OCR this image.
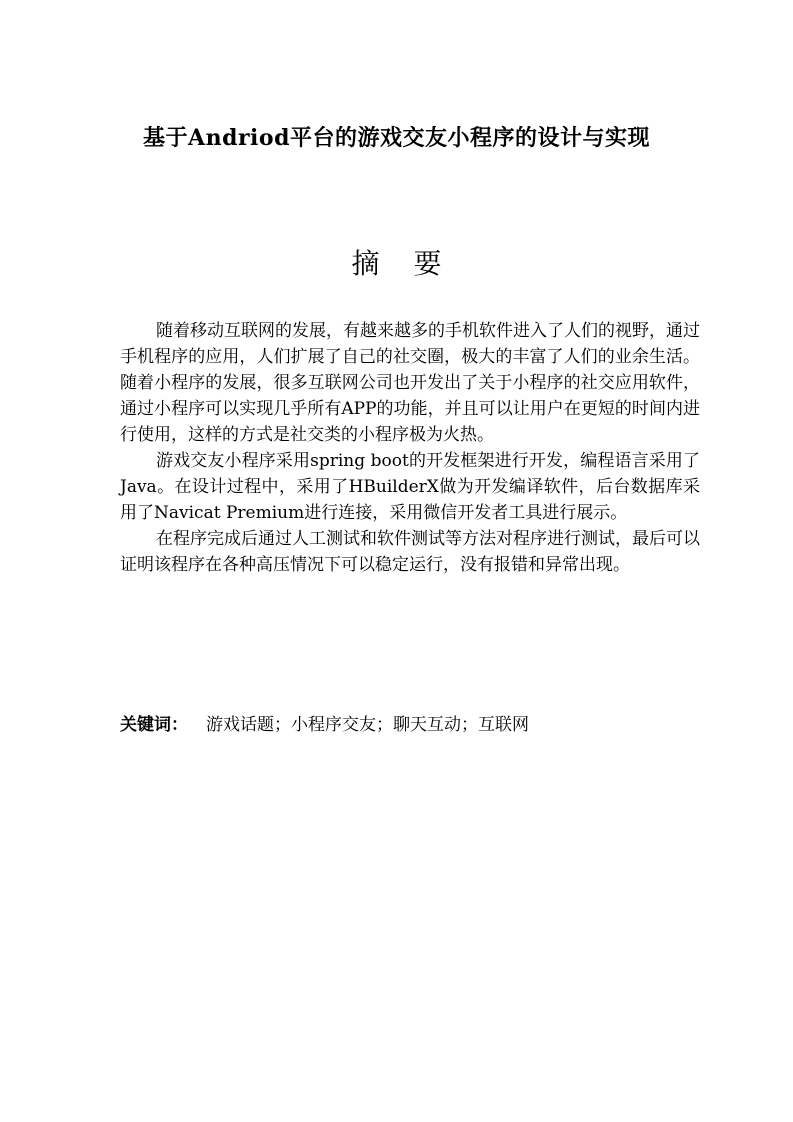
基于Andriod平台的游戏交友小程序的设计与实现
摘要

随着移动互联网的发展，有越来越多的手机软件进入了人们的视野，通过手机程序的应用，人们扩展了自己的社交圈，极大的丰富了人们的业余生活。随着小程序的发展，很多互联网公司也开发出了关于小程序的社交应用软件，通过小程序可以实现几乎所有APP的功能，并且可以让用户在更短的时间内进行使用，这样的方式是社交类的小程序极为火热。

游戏交友小程序采用spring boot的开发框架进行开发，编程语言采用了Java。在设计过程中，采用了HBuilderX做为开发编译软件，后台数据库采用了Navicat Premium进行连接，采用微信开发者工具进行展示。

在程序完成后通过人工测试和软件测试等方法对程序进行测试，最后可以证明该程序在各种高压情况下可以稳定运行，没有报错和异常出现。

关键词： 游戏话题；小程序交友；聊天互动；互联网
